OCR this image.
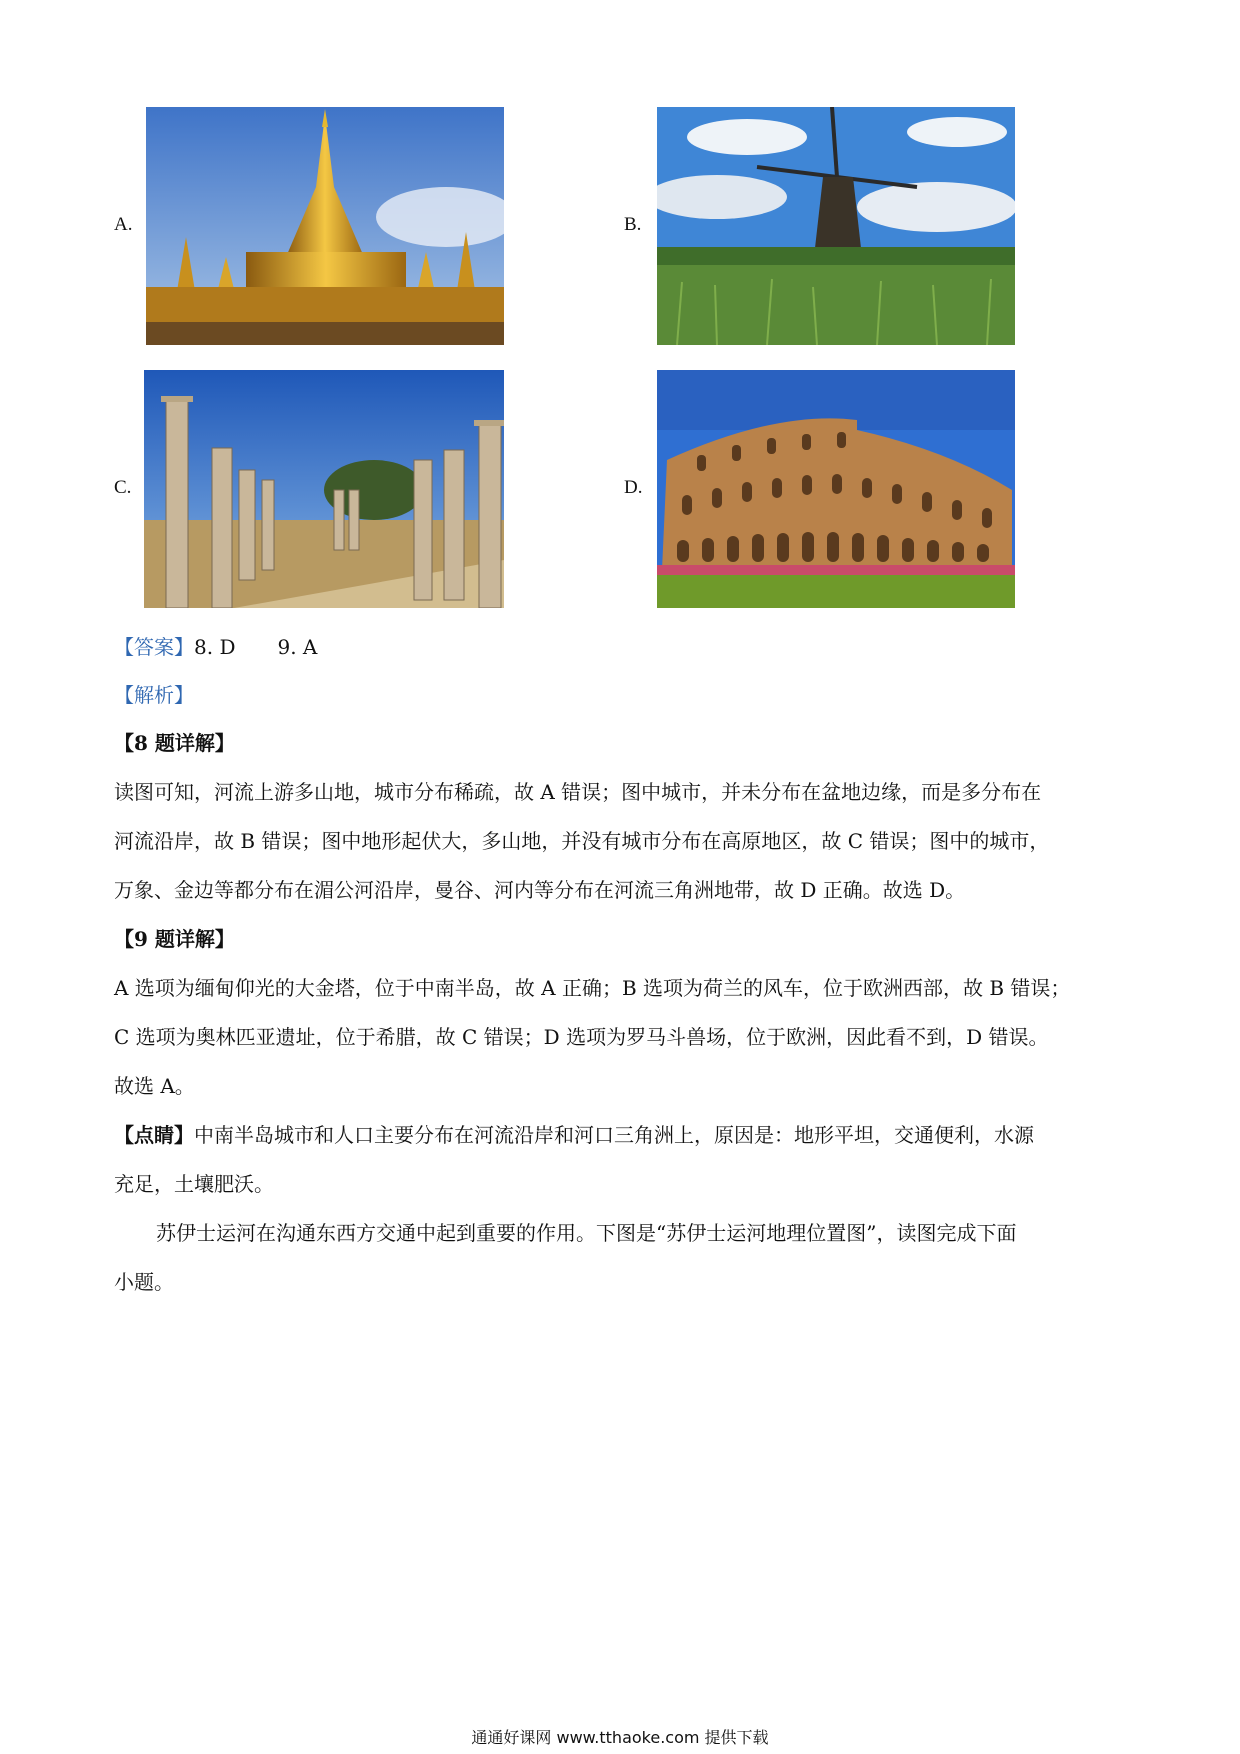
A.	B.
C.	D.
【答案】8. D 9. A
【解析】
【8 题详解】
读图可知，河流上游多山地，城市分布稀疏，故 A 错误；图中城市，并未分布在盆地边缘，而是多分布在
河流沿岸，故 B 错误；图中地形起伏大，多山地，并没有城市分布在高原地区，故 C 错误；图中的城市，
万象、金边等都分布在湄公河沿岸，曼谷、河内等分布在河流三角洲地带，故 D 正确。故选 D。
【9 题详解】
A 选项为缅甸仰光的大金塔，位于中南半岛，故 A 正确；B 选项为荷兰的风车，位于欧洲西部，故 B 错误；
C 选项为奥林匹亚遗址，位于希腊，故 C 错误；D 选项为罗马斗兽场，位于欧洲，因此看不到，D 错误。
故选 A。
【点睛】中南半岛城市和人口主要分布在河流沿岸和河口三角洲上，原因是：地形平坦，交通便利，水源
充足，土壤肥沃。
苏伊士运河在沟通东西方交通中起到重要的作用。下图是“苏伊士运河地理位置图”，读图完成下面
小题。
通通好课网 www.tthaoke.com 提供下载
